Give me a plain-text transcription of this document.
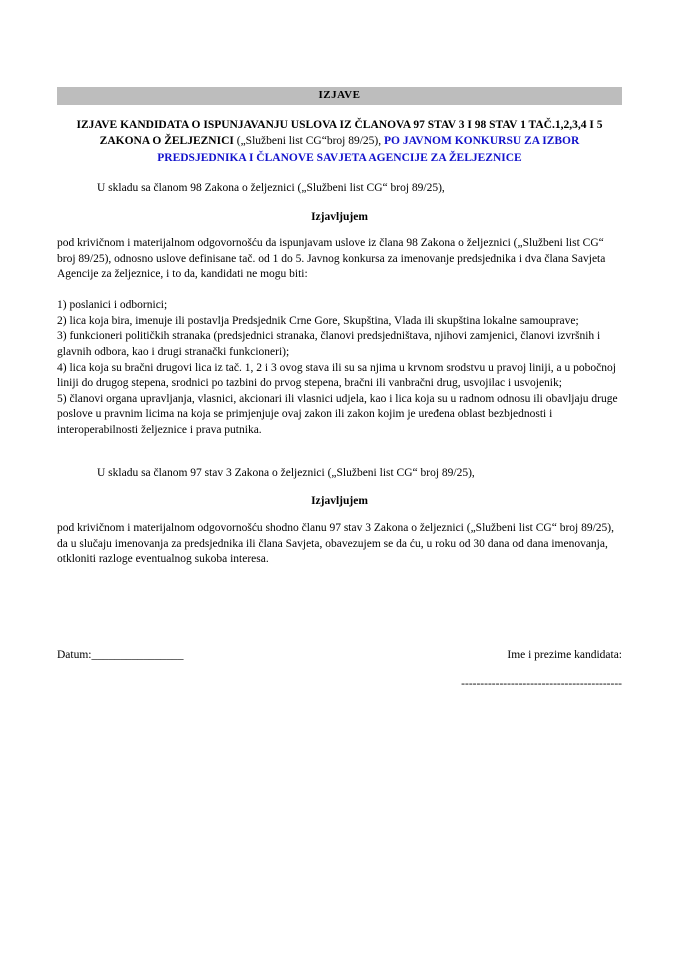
IZJAVE

IZJAVE KANDIDATA O ISPUNJAVANJU USLOVA IZ ČLANOVA 97 STAV 3 I 98 STAV 1 TAČ.1,2,3,4 I 5 ZAKONA O ŽELJEZNICI („Službeni list CG“broj 89/25), PO JAVNOM KONKURSU ZA IZBOR PREDSJEDNIKA I ČLANOVE SAVJETA AGENCIJE ZA ŽELJEZNICE

U skladu sa članom 98 Zakona o željeznici („Službeni list CG“ broj 89/25),

Izjavljujem

pod krivičnom i materijalnom odgovornošću da ispunjavam uslove iz člana 98 Zakona o željeznici („Službeni list CG“ broj 89/25), odnosno uslove definisane tač. od 1 do 5. Javnog konkursa za imenovanje predsjednika i dva člana Savjeta Agencije za željeznice, i to da, kandidati ne mogu biti:

1) poslanici i odbornici;
2) lica koja bira, imenuje ili postavlja Predsjednik Crne Gore, Skupština, Vlada ili skupština lokalne samouprave;
3) funkcioneri političkih stranaka (predsjednici stranaka, članovi predsjedništava, njihovi zamjenici, članovi izvršnih i glavnih odbora, kao i drugi stranački funkcioneri);
4) lica koja su bračni drugovi lica iz tač. 1, 2 i 3 ovog stava ili su sa njima u krvnom srodstvu u pravoj liniji, a u pobočnoj liniji do drugog stepena, srodnici po tazbini do prvog stepena, bračni ili vanbračni drug, usvojilac i usvojenik;
5) članovi organa upravljanja, vlasnici, akcionari ili vlasnici udjela, kao i lica koja su u radnom odnosu ili obavljaju druge poslove u pravnim licima na koja se primjenjuje ovaj zakon ili zakon kojim je uređena oblast bezbjednosti i interoperabilnosti željeznice i prava putnika.

U skladu sa članom 97 stav 3 Zakona o željeznici („Službeni list CG“ broj 89/25),

Izjavljujem

pod krivičnom i materijalnom odgovornošću shodno članu 97 stav 3 Zakona o željeznici („Službeni list CG“ broj 89/25), da u slučaju imenovanja za predsjednika ili člana Savjeta, obavezujem se da ću, u roku od 30 dana od dana imenovanja, otkloniti razloge eventualnog sukoba interesa.

Datum:________________	Ime i prezime kandidata:
------------------------------------------
